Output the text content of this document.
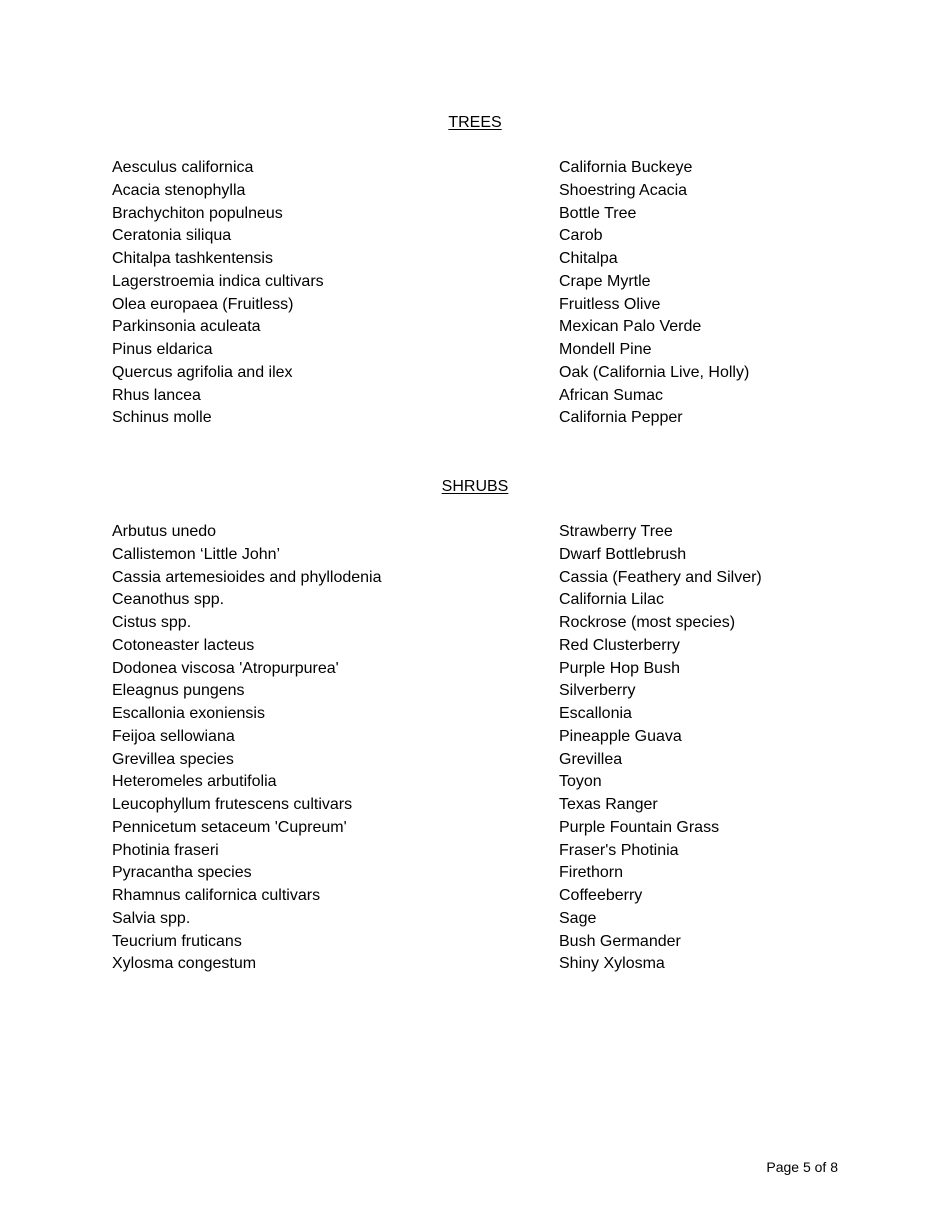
TREES
Aesculus californica	California Buckeye
Acacia stenophylla	Shoestring Acacia
Brachychiton populneus	Bottle Tree
Ceratonia siliqua	Carob
Chitalpa tashkentensis	Chitalpa
Lagerstroemia indica cultivars	Crape Myrtle
Olea europaea (Fruitless)	Fruitless Olive
Parkinsonia aculeata	Mexican Palo Verde
Pinus eldarica	Mondell Pine
Quercus agrifolia and ilex	Oak (California Live, Holly)
Rhus lancea	African Sumac
Schinus molle	California Pepper
SHRUBS
Arbutus unedo	Strawberry Tree
Callistemon ‘Little John’	Dwarf Bottlebrush
Cassia artemesioides and phyllodenia	Cassia (Feathery and Silver)
Ceanothus spp.	California Lilac
Cistus spp.	Rockrose (most species)
Cotoneaster lacteus	Red Clusterberry
Dodonea viscosa 'Atropurpurea'	Purple Hop Bush
Eleagnus pungens	Silverberry
Escallonia exoniensis	Escallonia
Feijoa sellowiana	Pineapple Guava
Grevillea species	Grevillea
Heteromeles arbutifolia	Toyon
Leucophyllum frutescens cultivars	Texas Ranger
Pennicetum setaceum 'Cupreum'	Purple Fountain Grass
Photinia fraseri	Fraser's Photinia
Pyracantha species	Firethorn
Rhamnus californica cultivars	Coffeeberry
Salvia spp.	Sage
Teucrium fruticans	Bush Germander
Xylosma congestum	Shiny Xylosma
Page 5 of 8
